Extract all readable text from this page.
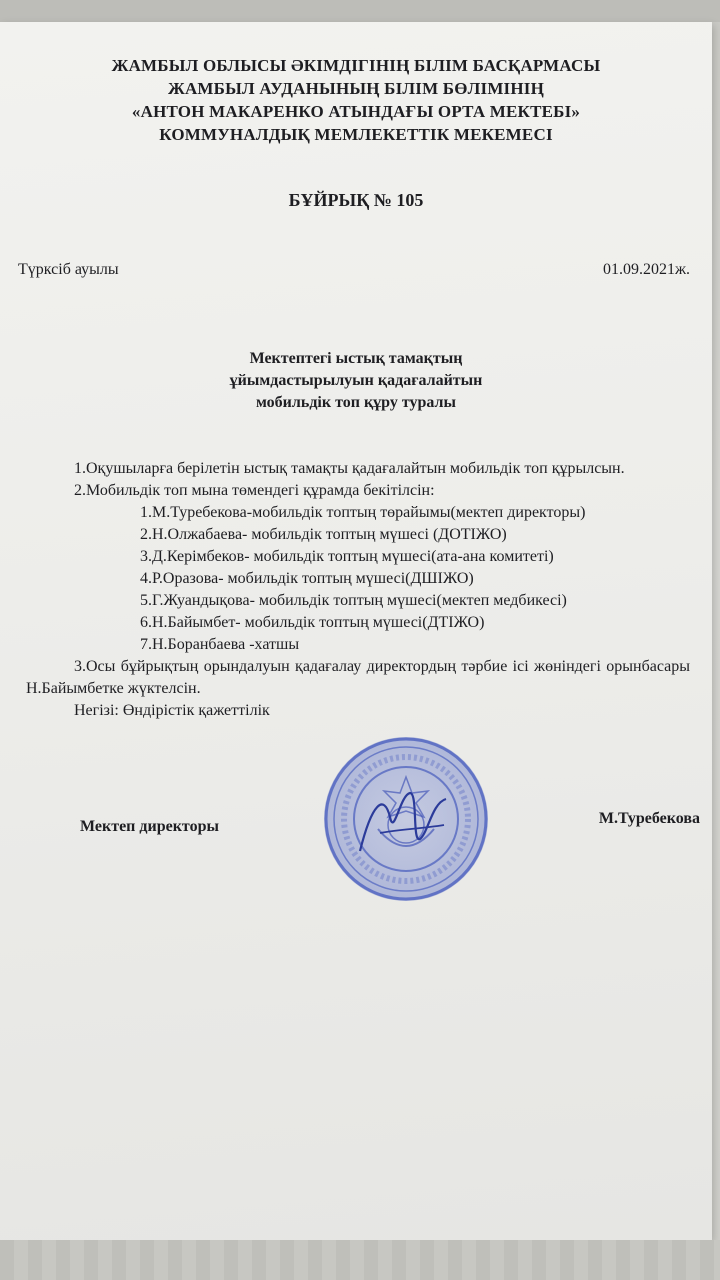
ЖАМБЫЛ ОБЛЫСЫ ӘКІМДІГІНІҢ БІЛІМ БАСҚАРМАСЫ
ЖАМБЫЛ АУДАНЫНЫҢ БІЛІМ БӨЛІМІНІҢ
«АНТОН МАКАРЕНКО АТЫНДАҒЫ ОРТА МЕКТЕБІ»
КОММУНАЛДЫҚ МЕМЛЕКЕТТІК МЕКЕМЕСІ
БҰЙРЫҚ № 105
Түрксіб ауылы	01.09.2021ж.
Мектептегі ыстық тамақтың
ұйымдастырылуын қадағалайтын
мобильдік топ құру туралы
1.Оқушыларға берілетін ыстық тамақты қадағалайтын мобильдік топ құрылсын.
2.Мобильдік топ мына төмендегі құрамда бекітілсін:
1.М.Туребекова-мобильдік топтың төрайымы(мектеп директоры)
2.Н.Олжабаева- мобильдік топтың мүшесі (ДОТІЖО)
3.Д.Керімбеков- мобильдік топтың мүшесі(ата-ана комитеті)
4.Р.Оразова- мобильдік топтың мүшесі(ДШІЖО)
5.Г.Жуандықова- мобильдік топтың мүшесі(мектеп медбикесі)
6.Н.Байымбет- мобильдік топтың мүшесі(ДТІЖО)
7.Н.Боранбаева -хатшы
3.Осы бұйрықтың орындалуын қадағалау директордың тәрбие ісі жөніндегі орынбасары Н.Байымбетке жүктелсін.
Негізі: Өндірістік қажеттілік
Мектеп директоры	М.Туребекова
